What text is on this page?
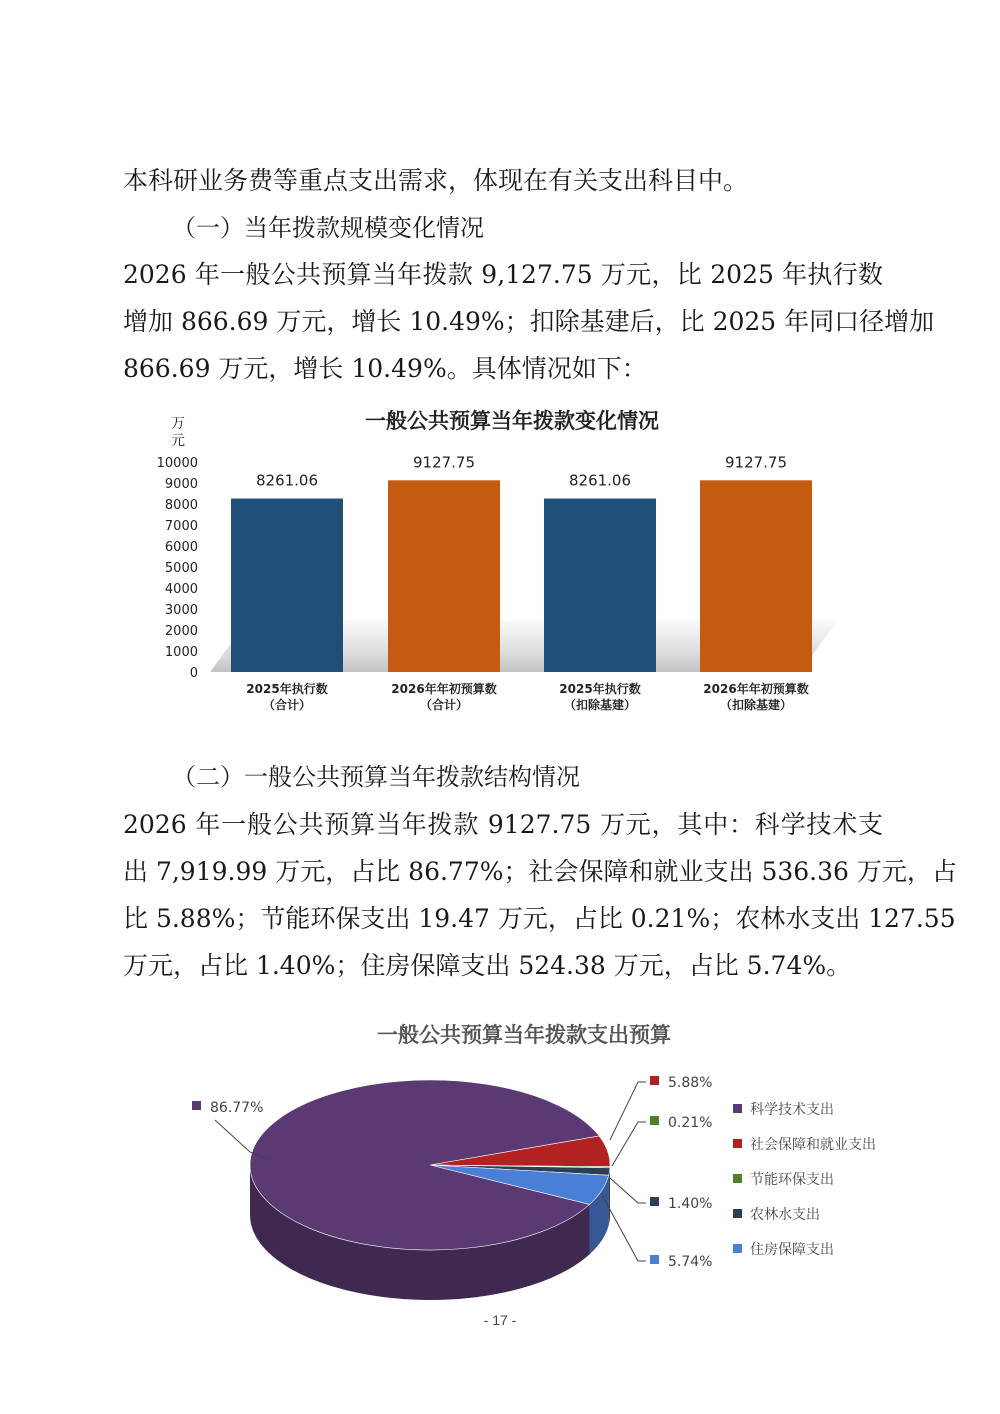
本科研业务费等重点支出需求，体现在有关支出科目中。
（一）当年拨款规模变化情况
2026 年一般公共预算当年拨款 9,127.75 万元，比 2025 年执行数
增加 866.69 万元，增长 10.49%；扣除基建后，比 2025 年同口径增加
866.69 万元，增长 10.49%。具体情况如下：
一般公共预算当年拨款变化情况
万
元
10000
9000
8000
7000
6000
5000
4000
3000
2000
1000
0
8261.06
2025年执行数
（合计）
9127.75
2026年年初预算数
（合计）
8261.06
2025年执行数
（扣除基建）
9127.75
2026年年初预算数
（扣除基建）
（二）一般公共预算当年拨款结构情况
2026 年一般公共预算当年拨款 9127.75 万元，其中：科学技术支
出 7,919.99 万元，占比 86.77%；社会保障和就业支出 536.36 万元，占
比 5.88%；节能环保支出 19.47 万元，占比 0.21%；农林水支出 127.55
万元，占比 1.40%；住房保障支出 524.38 万元，占比 5.74%。
一般公共预算当年拨款支出预算
86.77%
5.88%
0.21%
1.40%
5.74%
科学技术支出
社会保障和就业支出
节能环保支出
农林水支出
住房保障支出
- 17 -
